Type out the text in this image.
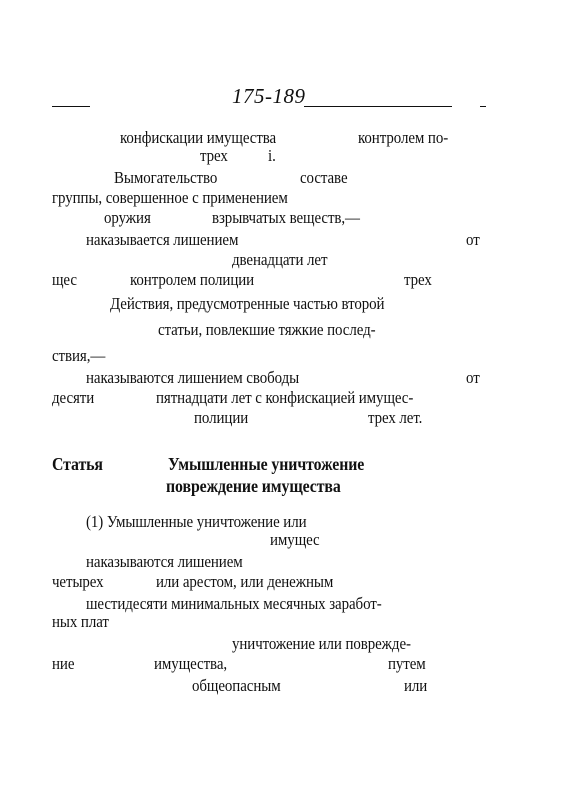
175-189
конфискации имущества	контролем по-
трех і.
Вымогательство	составе
группы, совершенное с применением
оружия	взрывчатых веществ,—
наказывается лишением	от
двенадцати лет
щес	контролем полиции	трех
Действия, предусмотренные частью второй
статьи, повлекшие тяжкие послед-
ствия,—
наказываются лишением свободы	от
десяти	пятнадцати лет с конфискацией имущес-
полиции	трех лет.
Статья	Умышленные уничтожение
повреждение имущества
(1) Умышленные уничтожение или
имущес
наказываются лишением
четырех	или арестом, или денежным
шестидесяти минимальных месячных заработ-
ных плат
уничтожение или поврежде-
ние	имущества,	путем
общеопасным	или
